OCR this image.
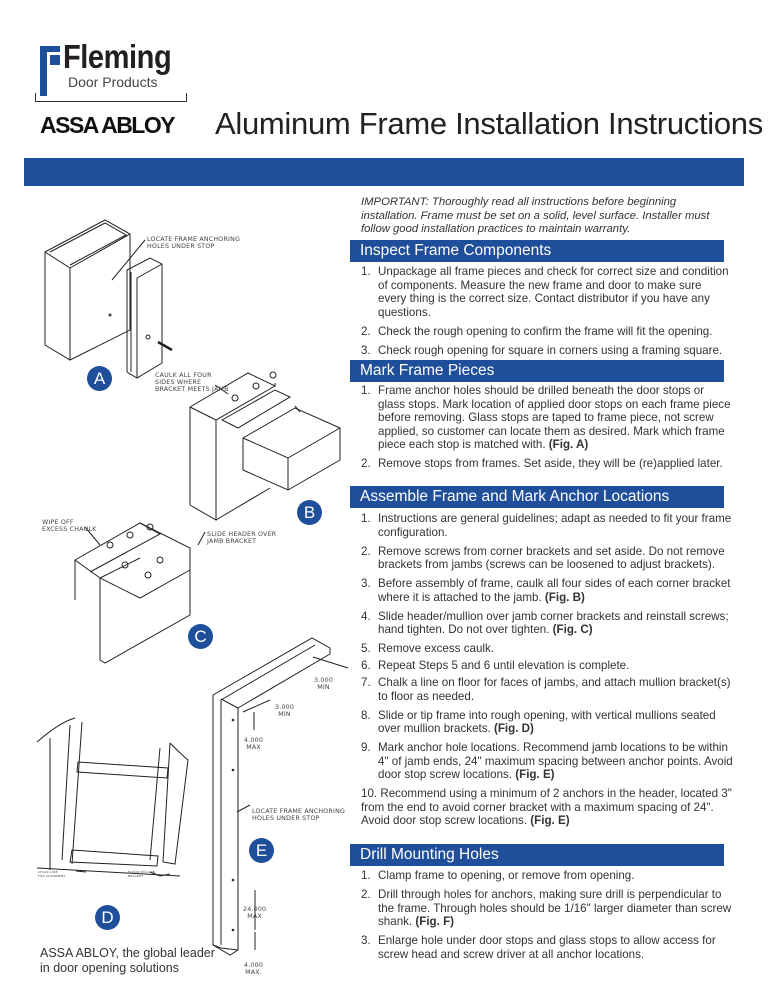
Fleming
Door Products
ASSA ABLOY Aluminum Frame Installation Instructions
IMPORTANT: Thoroughly read all instructions before beginning installation. Frame must be set on a solid, level surface. Installer must follow good installation practices to maintain warranty.
Inspect Frame Components
1. Unpackage all frame pieces and check for correct size and condition of components. Measure the new frame and door to make sure every thing is the correct size. Contact distributor if you have any questions.
2. Check the rough opening to confirm the frame will fit the opening.
3. Check rough opening for square in corners using a framing square.
Mark Frame Pieces
1. Frame anchor holes should be drilled beneath the door stops or glass stops. Mark location of applied door stops on each frame piece before removing. Glass stops are taped to frame piece, not screw applied, so customer can locate them as desired. Mark which frame piece each stop is matched with. (Fig. A)
2. Remove stops from frames. Set aside, they will be (re)applied later.
Assemble Frame and Mark Anchor Locations
1. Instructions are general guidelines; adapt as needed to fit your frame configuration.
2. Remove screws from corner brackets and set aside. Do not remove brackets from jambs (screws can be loosened to adjust brackets).
3. Before assembly of frame, caulk all four sides of each corner bracket where it is attached to the jamb. (Fig. B)
4. Slide header/mullion over jamb corner brackets and reinstall screws; hand tighten. Do not over tighten. (Fig. C)
5. Remove excess caulk.
6. Repeat Steps 5 and 6 until elevation is complete.
7. Chalk a line on floor for faces of jambs, and attach mullion bracket(s) to floor as needed.
8. Slide or tip frame into rough opening, with vertical mullions seated over mullion brackets. (Fig. D)
9. Mark anchor hole locations. Recommend jamb locations to be within 4" of jamb ends, 24" maximum spacing between anchor points. Avoid door stop screw locations. (Fig. E)
10. Recommend using a minimum of 2 anchors in the header, located 3" from the end to avoid corner bracket with a maximum spacing of 24". Avoid door stop screw locations. (Fig. E)
Drill Mounting Holes
1. Clamp frame to opening, or remove from opening.
2. Drill through holes for anchors, making sure drill is perpendicular to the frame. Through holes should be 1/16" larger diameter than screw shank. (Fig. F)
3. Enlarge hole under door stops and glass stops to allow access for screw head and screw driver at all anchor locations.
LOCATE FRAME ANCHORING
HOLES UNDER STOP
A	CAULK ALL FOUR
SIDES WHERE
BRACKET MEETS JAMB
B
WIPE OFF
EXCESS CHAULK
SLIDE HEADER OVER
JAMB BRACKET
C
CHALK LINE
FOR ALIGNMENT
FLOOR MULLION
BRACKET
D
3.000
MIN
3.000
MIN
4.000
MAX
LOCATE FRAME ANCHORING
HOLES UNDER STOP
E
24.000
MAX
4.000
MAX.
ASSA ABLOY, the global leader
in door opening solutions
